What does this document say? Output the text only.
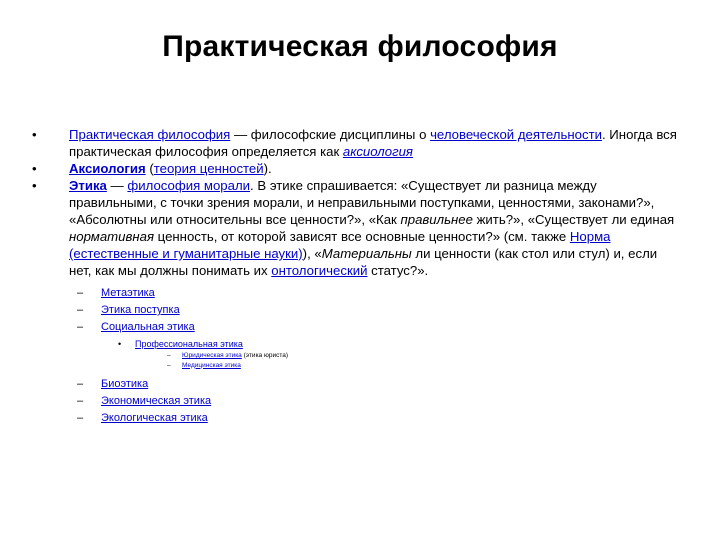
Практическая философия
• Практическая философия — философские дисциплины о человеческой деятельности. Иногда вся практическая философия определяется как аксиология
• Аксиология (теория ценностей).
• Этика — философия морали. В этике спрашивается: «Существует ли разница между правильными, с точки зрения морали, и неправильными поступками, ценностями, законами?», «Абсолютны или относительны все ценности?», «Как правильнее жить?», «Существует ли единая нормативная ценность, от которой зависят все основные ценности?» (см. также Норма (естественные и гуманитарные науки)), «Материальны ли ценности (как стол или стул) и, если нет, как мы должны понимать их онтологический статус?».
– Метаэтика
– Этика поступка
– Социальная этика
• Профессиональная этика
– Юридическая этика (этика юриста)
– Медицинская этика
– Биоэтика
– Экономическая этика
– Экологическая этика
